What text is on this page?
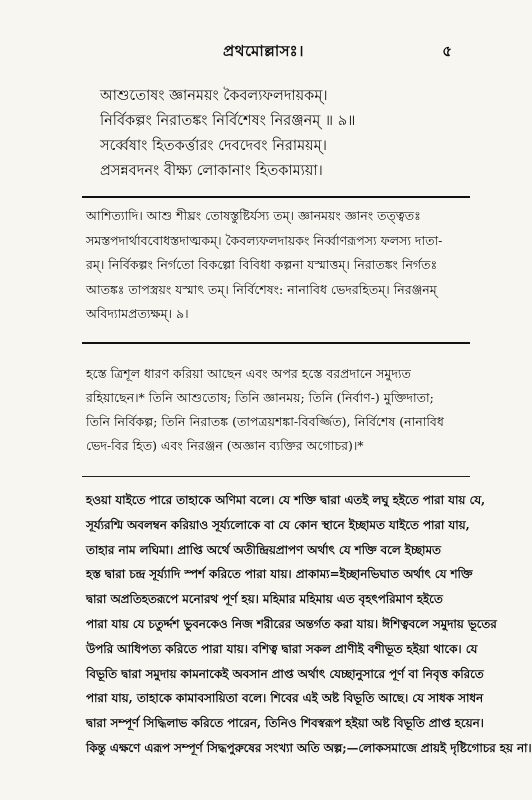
প্রথমোল্লাসঃ।	৫
আশুতোষং জ্ঞানময়ং কৈবল্যফলদায়কম্।
নির্বিকল্পং নিরাতঙ্কং নির্বিশেষং নিরঞ্জনম্ ॥ ৯॥
সর্ব্বেষাং হিতকর্ত্তারং দেবদেবং নিরাময়ম্।
প্রসন্নবদনং বীক্ষ্য লোকানাং হিতকাম্যয়া।
আশিত্যাদি। আশু শীঘ্রং তোষস্তুষ্টির্যস্য তম্। জ্ঞানময়ং জ্ঞানং তত্ত্বতঃ
সমস্তপদার্থাববোধস্তদাত্মকম্। কৈবল্যফলদায়কং নির্ব্বাণরূপস্য ফলস্য দাতা-
রম্। নির্বিকল্পং নির্গতো বিকল্পো বিবিধা কল্পনা যস্মাত্তম্। নিরাতঙ্কং নির্গতঃ
আতঙ্কঃ তাপস্ত্রয়ং যস্মাৎ তম্। নির্বিশেষং: নানাবিধ ভেদরহিতম্। নিরঞ্জনম্
অবিদ্যামপ্রত্যক্ষম্। ৯।
হস্তে ত্রিশূল ধারণ করিয়া আছেন এবং অপর হস্তে বরপ্রদানে সমুদ্যত
রহিয়াছেন।* তিনি আশুতোষ; তিনি জ্ঞানময়; তিনি (নির্বাণ-) মুক্তিদাতা;
তিনি নির্বিকল্প; তিনি নিরাতঙ্ক (তাপত্রয়শঙ্কা-বিবর্জ্জিত), নির্বিশেষ (নানাবিধ
ভেদ-বির হিত) এবং নিরঞ্জন (অজ্ঞান ব্যক্তির অগোচর)।*
হওয়া যাইতে পারে তাহাকে অণিমা বলে। যে শক্তি দ্বারা এতই লঘু হইতে পারা যায় যে,
সূর্য্যরশ্মি অবলম্বন করিয়াও সূর্য্যলোকে বা যে কোন স্থানে ইচ্ছামত যাইতে পারা যায়,
তাহার নাম লঘিমা। প্রাপ্তি অর্থে অতীন্দ্রিয়প্রাপণ অর্থাৎ যে শক্তি বলে ইচ্ছামত
হস্ত দ্বারা চন্দ্র সূর্য্যাদি স্পর্শ করিতে পারা যায়। প্রাকাম্য=ইচ্ছানভিঘাত অর্থাৎ যে শক্তি
দ্বারা অপ্রতিহতরূপে মনোরথ পূর্ণ হয়। মহিমার মহিমায় এত বৃহৎপরিমাণ হইতে
পারা যায় যে চতুর্দ্দশ ভুবনকেও নিজ শরীরের অন্তর্গত করা যায়। ঈশিত্ববলে সমুদায় ভূতের
উপরি আধিপত্য করিতে পারা যায়। বশিত্ব দ্বারা সকল প্রাণীই বশীভূত হইয়া থাকে। যে
বিভূতি দ্বারা সমুদায় কামনাকেই অবসান প্রাপ্ত অর্থাৎ যেচ্ছানুসারে পূর্ণ বা নিবৃত্ত করিতে
পারা যায়, তাহাকে কামাবসায়িতা বলে। শিবের এই অষ্ট বিভূতি আছে। যে সাধক সাধন
দ্বারা সম্পূর্ণ সিদ্ধিলাভ করিতে পারেন, তিনিও শিবস্বরূপ হইয়া অষ্ট বিভূতি প্রাপ্ত হয়েন।
কিন্তু এক্ষণে এরূপ সম্পূর্ণ সিদ্ধপুরুষের সংখ্যা অতি অল্প;—লোকসমাজে প্রায়ই দৃষ্টিগোচর হয় না।
